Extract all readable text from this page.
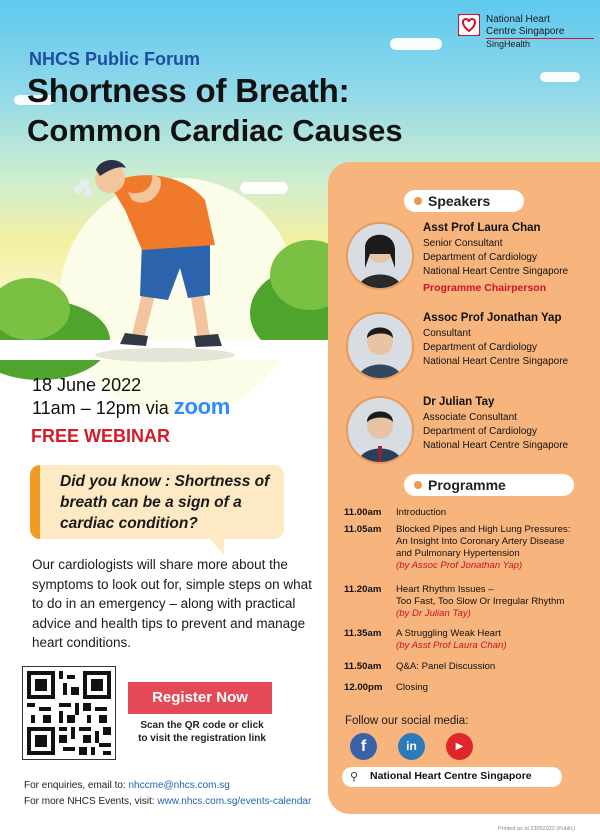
National Heart
Centre Singapore
SingHealth
NHCS Public Forum
Shortness of Breath:
Common Cardiac Causes
Speakers
Asst Prof Laura Chan
Senior Consultant
Department of Cardiology
National Heart Centre Singapore
Programme Chairperson
Assoc Prof Jonathan Yap
Consultant
Department of Cardiology
National Heart Centre Singapore
Dr Julian Tay
Associate Consultant
Department of Cardiology
National Heart Centre Singapore
Programme
11.00am Introduction
11.05am Blocked Pipes and High Lung Pressures:
An Insight Into Coronary Artery Disease
and Pulmonary Hypertension
(by Assoc Prof Jonathan Yap)
11.20am Heart Rhythm Issues –
Too Fast, Too Slow Or Irregular Rhythm
(by Dr Julian Tay)
11.35am A Struggling Weak Heart
(by Asst Prof Laura Chan)
11.50am Q&A: Panel Discussion
12.00pm Closing
Follow our social media:
f	in	▶
⚲ National Heart Centre Singapore
18 June 2022
11am – 12pm via zoom
FREE WEBINAR
Did you know : Shortness of breath can be a sign of a cardiac condition?
Our cardiologists will share more about the symptoms to look out for, simple steps on what to do in an emergency – along with practical advice and health tips to prevent and manage heart conditions.
Register Now
Scan the QR code or click
to visit the registration link
For enquiries, email to: nhccme@nhcs.com.sg
For more NHCS Events, visit: www.nhcs.com.sg/events-calendar
Printed as at 23052022 (Public)
